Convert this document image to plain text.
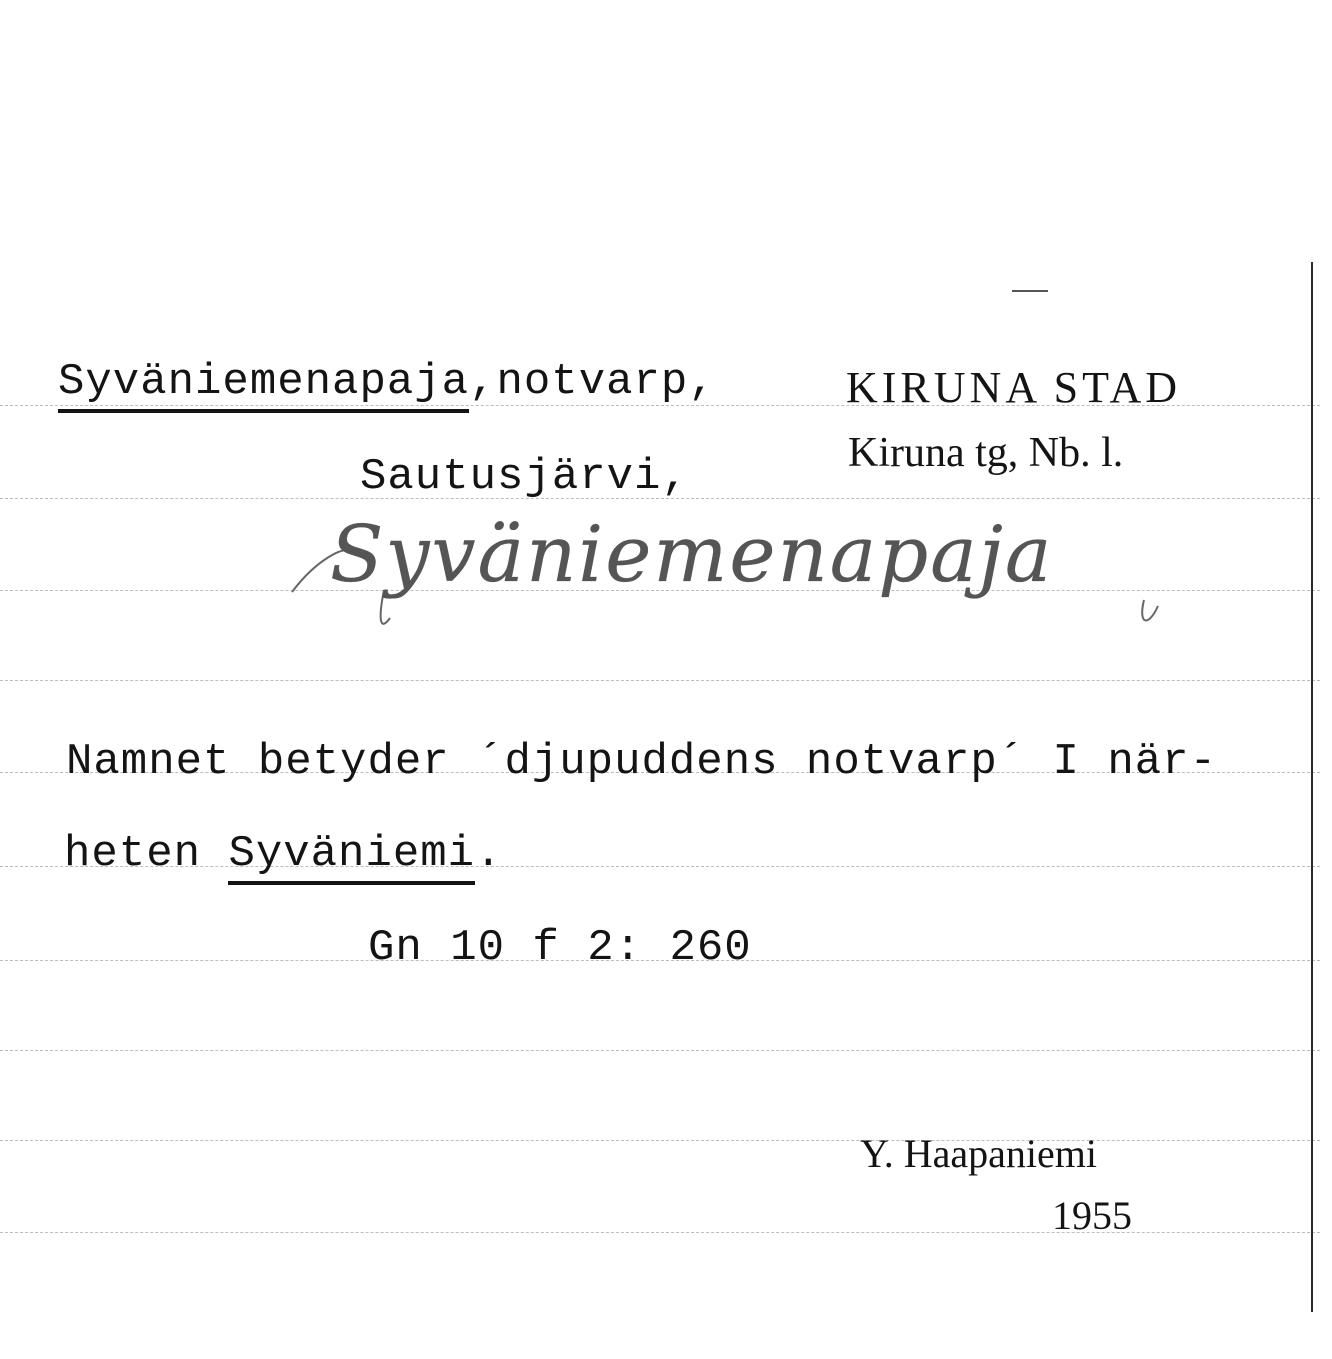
Syväniemenapaja,notvarp,
Sautusjärvi,
KIRUNA STAD
Kiruna tg, Nb. l.
Syväniemenapaja
Namnet betyder ´djupuddens notvarp´ I när-
heten Syväniemi.
Gn 10 f 2: 260
Y. Haapaniemi
1955
